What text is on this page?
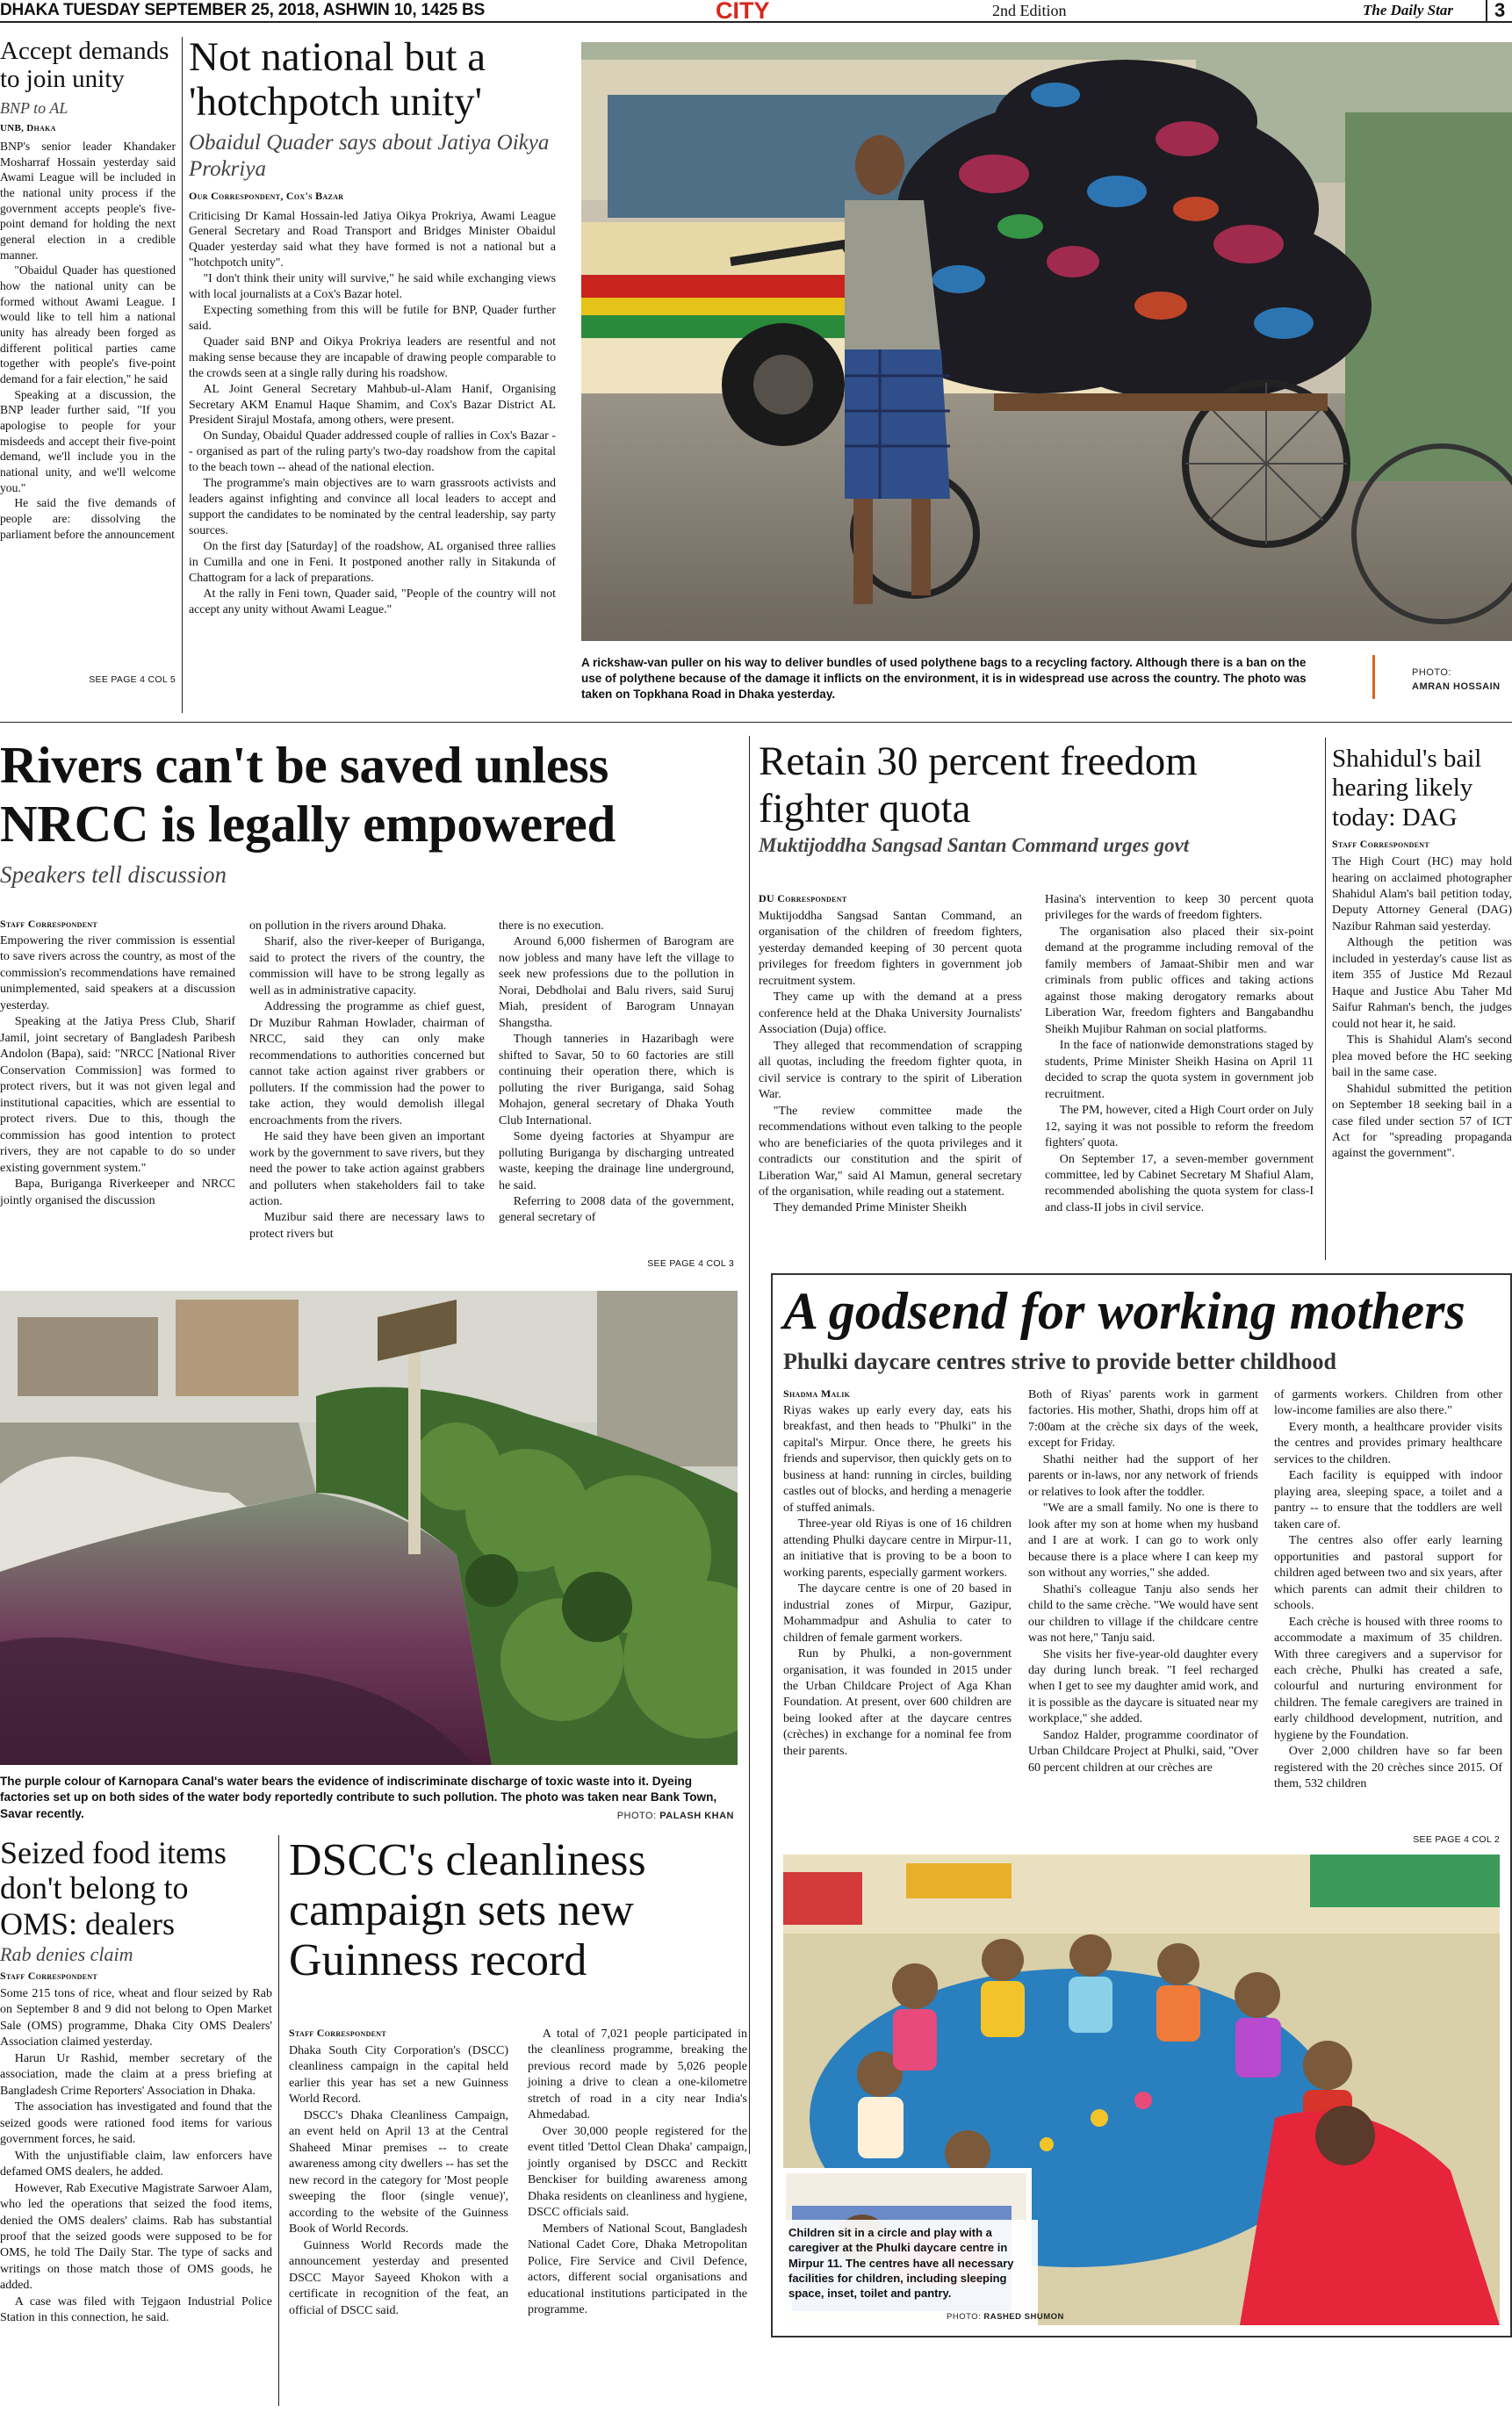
DHAKA TUESDAY SEPTEMBER 25, 2018, ASHWIN 10, 1425 BS	CITY	2nd Edition	The Daily Star	3
Accept demands to join unity
BNP to AL
UNB, Dhaka

BNP's senior leader Khandaker Mosharraf Hossain yesterday said Awami League will be included in the national unity process if the government accepts people's five-point demand for holding the next general election in a credible manner.

"Obaidul Quader has questioned how the national unity can be formed without Awami League. I would like to tell him a national unity has already been forged as different political parties came together with people's five-point demand for a fair election," he said

Speaking at a discussion, the BNP leader further said, "If you apologise to people for your misdeeds and accept their five-point demand, we'll include you in the national unity, and we'll welcome you."

He said the five demands of people are: dissolving the parliament before the announcement

SEE PAGE 4 COL 5
Not national but a 'hotchpotch unity'
Obaidul Quader says about Jatiya Oikya Prokriya
Our Correspondent, Cox's Bazar

Criticising Dr Kamal Hossain-led Jatiya Oikya Prokriya, Awami League General Secretary and Road Transport and Bridges Minister Obaidul Quader yesterday said what they have formed is not a national but a "hotchpotch unity".

"I don't think their unity will survive," he said while exchanging views with local journalists at a Cox's Bazar hotel.

Expecting something from this will be futile for BNP, Quader further said.

Quader said BNP and Oikya Prokriya leaders are resentful and not making sense because they are incapable of drawing people comparable to the crowds seen at a single rally during his roadshow.

AL Joint General Secretary Mahbub-ul-Alam Hanif, Organising Secretary AKM Enamul Haque Shamim, and Cox's Bazar District AL President Sirajul Mostafa, among others, were present.

On Sunday, Obaidul Quader addressed couple of rallies in Cox's Bazar -- organised as part of the ruling party's two-day roadshow from the capital to the beach town -- ahead of the national election.

The programme's main objectives are to warn grassroots activists and leaders against infighting and convince all local leaders to accept and support the candidates to be nominated by the central leadership, say party sources.

On the first day [Saturday] of the roadshow, AL organised three rallies in Cumilla and one in Feni. It postponed another rally in Sitakunda of Chattogram for a lack of preparations.

At the rally in Feni town, Quader said, "People of the country will not accept any unity without Awami League."

A rickshaw-van puller on his way to deliver bundles of used polythene bags to a recycling factory. Although there is a ban on the use of polythene because of the damage it inflicts on the environment, it is in widespread use across the country. The photo was taken on Topkhana Road in Dhaka yesterday.
PHOTO:
AMRAN HOSSAIN
Rivers can't be saved unless NRCC is legally empowered
Speakers tell discussion
Staff Correspondent

Empowering the river commission is essential to save rivers across the country, as most of the commission's recommendations have remained unimplemented, said speakers at a discussion yesterday.

Speaking at the Jatiya Press Club, Sharif Jamil, joint secretary of Bangladesh Paribesh Andolon (Bapa), said: "NRCC [National River Conservation Commission] was formed to protect rivers, but it was not given legal and institutional capacities, which are essential to protect rivers. Due to this, though the commission has good intention to protect rivers, they are not capable to do so under existing government system."

Bapa, Buriganga Riverkeeper and NRCC jointly organised the discussion

on pollution in the rivers around Dhaka.

Sharif, also the river-keeper of Buriganga, said to protect the rivers of the country, the commission will have to be strong legally as well as in administrative capacity.

Addressing the programme as chief guest, Dr Muzibur Rahman Howlader, chairman of NRCC, said they can only make recommendations to authorities concerned but cannot take action against river grabbers or polluters. If the commission had the power to take action, they would demolish illegal encroachments from the rivers.

He said they have been given an important work by the government to save rivers, but they need the power to take action against grabbers and polluters when stakeholders fail to take action.

Muzibur said there are necessary laws to protect rivers but

there is no execution.

Around 6,000 fishermen of Barogram are now jobless and many have left the village to seek new professions due to the pollution in Norai, Debdholai and Balu rivers, said Suruj Miah, president of Barogram Unnayan Shangstha.

Though tanneries in Hazaribagh were shifted to Savar, 50 to 60 factories are still continuing their operation there, which is polluting the river Buriganga, said Sohag Mohajon, general secretary of Dhaka Youth Club International.

Some dyeing factories at Shyampur are polluting Buriganga by discharging untreated waste, keeping the drainage line underground, he said.

Referring to 2008 data of the government, general secretary of

SEE PAGE 4 COL 3
The purple colour of Karnopara Canal's water bears the evidence of indiscriminate discharge of toxic waste into it. Dyeing factories set up on both sides of the water body reportedly contribute to such pollution. The photo was taken near Bank Town, Savar recently.	PHOTO: PALASH KHAN
Retain 30 percent freedom fighter quota
Muktijoddha Sangsad Santan Command urges govt
DU Correspondent

Muktijoddha Sangsad Santan Command, an organisation of the children of freedom fighters, yesterday demanded keeping of 30 percent quota privileges for freedom fighters in government job recruitment system.

They came up with the demand at a press conference held at the Dhaka University Journalists' Association (Duja) office.

They alleged that recommendation of scrapping all quotas, including the freedom fighter quota, in civil service is contrary to the spirit of Liberation War.

"The review committee made the recommendations without even talking to the people who are beneficiaries of the quota privileges and it contradicts our constitution and the spirit of Liberation War," said Al Mamun, general secretary of the organisation, while reading out a statement.

They demanded Prime Minister Sheikh

Hasina's intervention to keep 30 percent quota privileges for the wards of freedom fighters.

The organisation also placed their six-point demand at the programme including removal of the family members of Jamaat-Shibir men and war criminals from public offices and taking actions against those making derogatory remarks about Liberation War, freedom fighters and Bangabandhu Sheikh Mujibur Rahman on social platforms.

In the face of nationwide demonstrations staged by students, Prime Minister Sheikh Hasina on April 11 decided to scrap the quota system in government job recruitment.

The PM, however, cited a High Court order on July 12, saying it was not possible to reform the freedom fighters' quota.

On September 17, a seven-member government committee, led by Cabinet Secretary M Shafiul Alam, recommended abolishing the quota system for class-I and class-II jobs in civil service.

Shahidul's bail hearing likely today: DAG
Staff Correspondent

The High Court (HC) may hold hearing on acclaimed photographer Shahidul Alam's bail petition today, Deputy Attorney General (DAG) Nazibur Rahman said yesterday.

Although the petition was included in yesterday's cause list as item 355 of Justice Md Rezaul Haque and Justice Abu Taher Md Saifur Rahman's bench, the judges could not hear it, he said.

This is Shahidul Alam's second plea moved before the HC seeking bail in the same case.

Shahidul submitted the petition on September 18 seeking bail in a case filed under section 57 of ICT Act for "spreading propaganda against the government".

A godsend for working mothers
Phulki daycare centres strive to provide better childhood
Shadma Malik

Riyas wakes up early every day, eats his breakfast, and then heads to "Phulki" in the capital's Mirpur. Once there, he greets his friends and supervisor, then quickly gets on to business at hand: running in circles, building castles out of blocks, and herding a menagerie of stuffed animals.

Three-year old Riyas is one of 16 children attending Phulki daycare centre in Mirpur-11, an initiative that is proving to be a boon to working parents, especially garment workers.

The daycare centre is one of 20 based in industrial zones of Mirpur, Gazipur, Mohammadpur and Ashulia to cater to children of female garment workers.

Run by Phulki, a non-government organisation, it was founded in 2015 under the Urban Childcare Project of Aga Khan Foundation. At present, over 600 children are being looked after at the daycare centres (crèches) in exchange for a nominal fee from their parents.

Both of Riyas' parents work in garment factories. His mother, Shathi, drops him off at 7:00am at the crèche six days of the week, except for Friday.

Shathi neither had the support of her parents or in-laws, nor any network of friends or relatives to look after the toddler.

"We are a small family. No one is there to look after my son at home when my husband and I are at work. I can go to work only because there is a place where I can keep my son without any worries," she added.

Shathi's colleague Tanju also sends her child to the same crèche. "We would have sent our children to village if the childcare centre was not here," Tanju said.

She visits her five-year-old daughter every day during lunch break. "I feel recharged when I get to see my daughter amid work, and it is possible as the daycare is situated near my workplace," she added.

Sandoz Halder, programme coordinator of Urban Childcare Project at Phulki, said, "Over 60 percent children at our crèches are

of garments workers. Children from other low-income families are also there."

Every month, a healthcare provider visits the centres and provides primary healthcare services to the children.

Each facility is equipped with indoor playing area, sleeping space, a toilet and a pantry -- to ensure that the toddlers are well taken care of.

The centres also offer early learning opportunities and pastoral support for children aged between two and six years, after which parents can admit their children to schools.

Each crèche is housed with three rooms to accommodate a maximum of 35 children. With three caregivers and a supervisor for each crèche, Phulki has created a safe, colourful and nurturing environment for children. The female caregivers are trained in early childhood development, nutrition, and hygiene by the Foundation.

Over 2,000 children have so far been registered with the 20 crèches since 2015. Of them, 532 children

SEE PAGE 4 COL 2
Children sit in a circle and play with a caregiver at the Phulki daycare centre in Mirpur 11. The centres have all necessary facilities for children, including sleeping space, inset, toilet and pantry.
PHOTO: RASHED SHUMON
Seized food items don't belong to OMS: dealers
Rab denies claim
Staff Correspondent

Some 215 tons of rice, wheat and flour seized by Rab on September 8 and 9 did not belong to Open Market Sale (OMS) programme, Dhaka City OMS Dealers' Association claimed yesterday.

Harun Ur Rashid, member secretary of the association, made the claim at a press briefing at Bangladesh Crime Reporters' Association in Dhaka.

The association has investigated and found that the seized goods were rationed food items for various government forces, he said.

With the unjustifiable claim, law enforcers have defamed OMS dealers, he added.

However, Rab Executive Magistrate Sarwoer Alam, who led the operations that seized the food items, denied the OMS dealers' claims. Rab has substantial proof that the seized goods were supposed to be for OMS, he told The Daily Star. The type of sacks and writings on those match those of OMS goods, he added.

A case was filed with Tejgaon Industrial Police Station in this connection, he said.

DSCC's cleanliness campaign sets new Guinness record
Staff Correspondent

Dhaka South City Corporation's (DSCC) cleanliness campaign in the capital held earlier this year has set a new Guinness World Record.

DSCC's Dhaka Cleanliness Campaign, an event held on April 13 at the Central Shaheed Minar premises -- to create awareness among city dwellers -- has set the new record in the category for 'Most people sweeping the floor (single venue)', according to the website of the Guinness Book of World Records.

Guinness World Records made the announcement yesterday and presented DSCC Mayor Sayeed Khokon with a certificate in recognition of the feat, an official of DSCC said.

A total of 7,021 people participated in the cleanliness programme, breaking the previous record made by 5,026 people joining a drive to clean a one-kilometre stretch of road in a city near India's Ahmedabad.

Over 30,000 people registered for the event titled 'Dettol Clean Dhaka' campaign, jointly organised by DSCC and Reckitt Benckiser for building awareness among Dhaka residents on cleanliness and hygiene, DSCC officials said.

Members of National Scout, Bangladesh National Cadet Core, Dhaka Metropolitan Police, Fire Service and Civil Defence, actors, different social organisations and educational institutions participated in the programme.
